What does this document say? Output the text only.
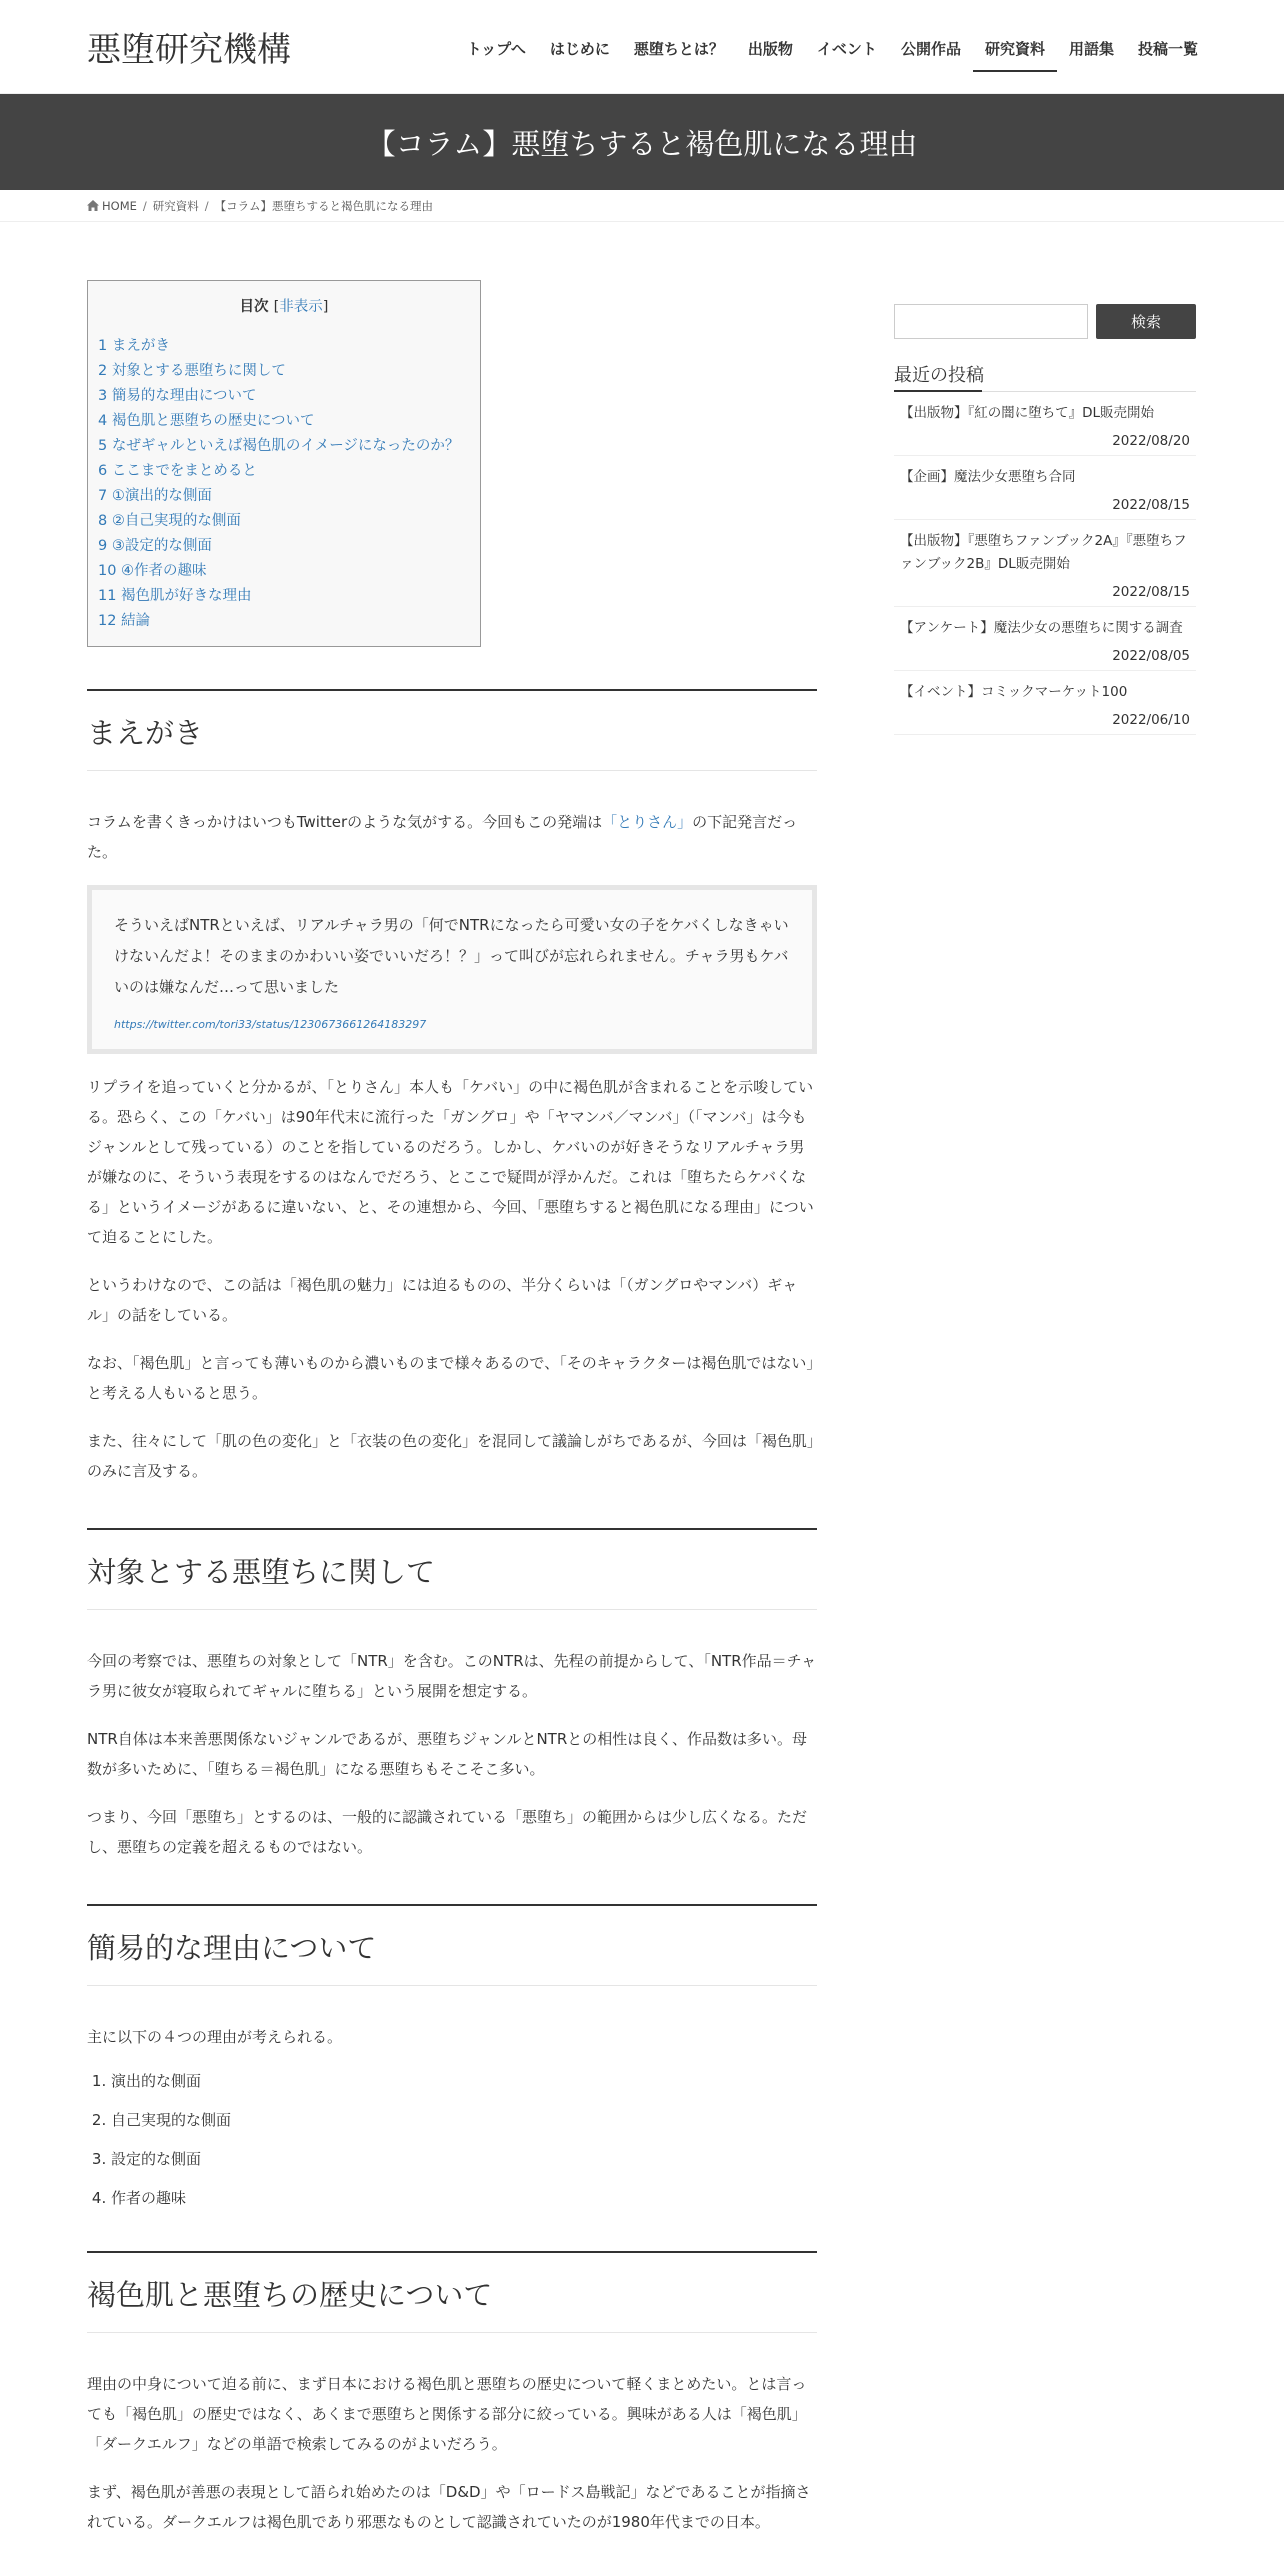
悪堕研究機構	トップへ はじめに 悪堕ちとは？ 出版物 イベント 公開作品 研究資料 用語集 投稿一覧
【コラム】悪堕ちすると褐色肌になる理由
HOME / 研究資料 / 【コラム】悪堕ちすると褐色肌になる理由
目次 [非表示]
1 まえがき
2 対象とする悪堕ちに関して
3 簡易的な理由について
4 褐色肌と悪堕ちの歴史について
5 なぜギャルといえば褐色肌のイメージになったのか？
6 ここまでをまとめると
7 ①演出的な側面
8 ②自己実現的な側面
9 ③設定的な側面
10 ④作者の趣味
11 褐色肌が好きな理由
12 結論
まえがき

コラムを書くきっかけはいつもTwitterのような気がする。今回もこの発端は「とりさん」の下記発言だった。

そういえばNTRといえば、リアルチャラ男の「何でNTRになったら可愛い女の子をケバくしなきゃいけないんだよ！そのままのかわいい姿でいいだろ！？」って叫びが忘れられません。チャラ男もケバいのは嫌なんだ…って思いました

https://twitter.com/tori33/status/1230673661264183297

リプライを追っていくと分かるが、「とりさん」本人も「ケバい」の中に褐色肌が含まれることを示唆している。恐らく、この「ケバい」は90年代末に流行った「ガングロ」や「ヤマンバ／マンバ」（「マンバ」は今もジャンルとして残っている）のことを指しているのだろう。しかし、ケバいのが好きそうなリアルチャラ男が嫌なのに、そういう表現をするのはなんでだろう、とここで疑問が浮かんだ。これは「堕ちたらケバくなる」というイメージがあるに違いない、と、その連想から、今回、「悪堕ちすると褐色肌になる理由」について迫ることにした。

というわけなので、この話は「褐色肌の魅力」には迫るものの、半分くらいは「（ガングロやマンバ）ギャル」の話をしている。

なお、「褐色肌」と言っても薄いものから濃いものまで様々あるので、「そのキャラクターは褐色肌ではない」と考える人もいると思う。

また、往々にして「肌の色の変化」と「衣装の色の変化」を混同して議論しがちであるが、今回は「褐色肌」のみに言及する。

対象とする悪堕ちに関して

今回の考察では、悪堕ちの対象として「NTR」を含む。このNTRは、先程の前提からして、「NTR作品＝チャラ男に彼女が寝取られてギャルに堕ちる」という展開を想定する。

NTR自体は本来善悪関係ないジャンルであるが、悪堕ちジャンルとNTRとの相性は良く、作品数は多い。母数が多いために、「堕ちる＝褐色肌」になる悪堕ちもそこそこ多い。

つまり、今回「悪堕ち」とするのは、一般的に認識されている「悪堕ち」の範囲からは少し広くなる。ただし、悪堕ちの定義を超えるものではない。

簡易的な理由について

主に以下の４つの理由が考えられる。

1. 演出的な側面
2. 自己実現的な側面
3. 設定的な側面
4. 作者の趣味
褐色肌と悪堕ちの歴史について

理由の中身について迫る前に、まず日本における褐色肌と悪堕ちの歴史について軽くまとめたい。とは言っても「褐色肌」の歴史ではなく、あくまで悪堕ちと関係する部分に絞っている。興味がある人は「褐色肌」「ダークエルフ」などの単語で検索してみるのがよいだろう。

まず、褐色肌が善悪の表現として語られ始めたのは「D&D」や「ロードス島戦記」などであることが指摘されている。ダークエルフは褐色肌であり邪悪なものとして認識されていたのが1980年代までの日本。

検索
最近の投稿
【出版物】『紅の闇に堕ちて』DL販売開始
2022/08/20
【企画】魔法少女悪堕ち合同
2022/08/15
【出版物】『悪堕ちファンブック2A』『悪堕ちファンブック2B』DL販売開始
2022/08/15
【アンケート】魔法少女の悪堕ちに関する調査
2022/08/05
【イベント】コミックマーケット100
2022/06/10
